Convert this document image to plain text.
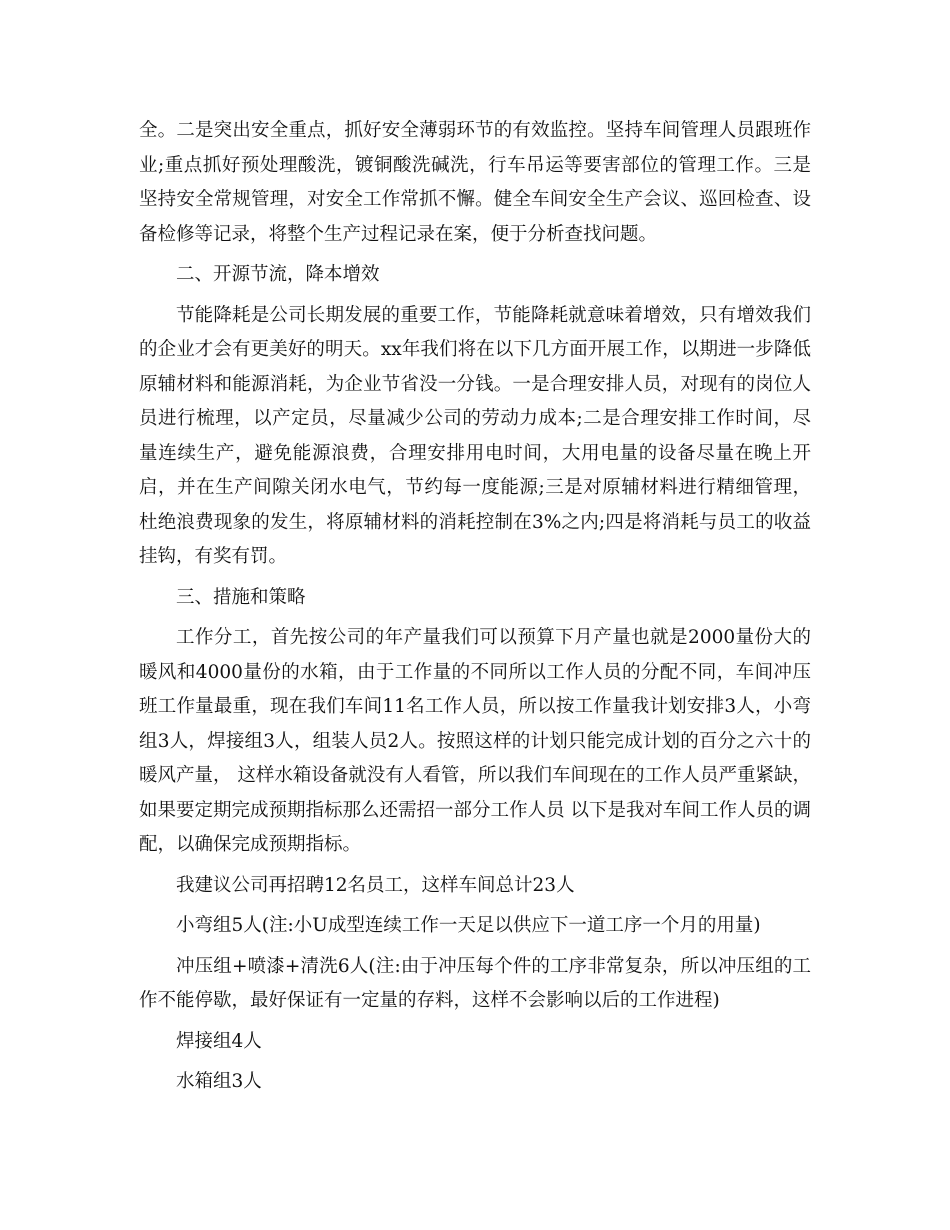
全。二是突出安全重点，抓好安全薄弱环节的有效监控。坚持车间管理人员跟班作业;重点抓好预处理酸洗，镀铜酸洗碱洗，行车吊运等要害部位的管理工作。三是坚持安全常规管理，对安全工作常抓不懈。健全车间安全生产会议、巡回检查、设备检修等记录，将整个生产过程记录在案，便于分析查找问题。

二、开源节流，降本增效

节能降耗是公司长期发展的重要工作，节能降耗就意味着增效，只有增效我们的企业才会有更美好的明天。xx年我们将在以下几方面开展工作，以期进一步降低原辅材料和能源消耗，为企业节省没一分钱。一是合理安排人员，对现有的岗位人员进行梳理，以产定员，尽量减少公司的劳动力成本;二是合理安排工作时间，尽量连续生产，避免能源浪费，合理安排用电时间，大用电量的设备尽量在晚上开启，并在生产间隙关闭水电气，节约每一度能源;三是对原辅材料进行精细管理，杜绝浪费现象的发生，将原辅材料的消耗控制在3%之内;四是将消耗与员工的收益挂钩，有奖有罚。

三、措施和策略

工作分工，首先按公司的年产量我们可以预算下月产量也就是2000量份大的暖风和4000量份的水箱，由于工作量的不同所以工作人员的分配不同，车间冲压班工作量最重，现在我们车间11名工作人员，所以按工作量我计划安排3人，小弯组3人，焊接组3人，组装人员2人。按照这样的计划只能完成计划的百分之六十的暖风产量， 这样水箱设备就没有人看管，所以我们车间现在的工作人员严重紧缺，如果要定期完成预期指标那么还需招一部分工作人员 以下是我对车间工作人员的调配，以确保完成预期指标。

我建议公司再招聘12名员工，这样车间总计23人

小弯组5人(注:小U成型连续工作一天足以供应下一道工序一个月的用量)

冲压组+喷漆+清洗6人(注:由于冲压每个件的工序非常复杂，所以冲压组的工作不能停歇，最好保证有一定量的存料，这样不会影响以后的工作进程)

焊接组4人

水箱组3人
